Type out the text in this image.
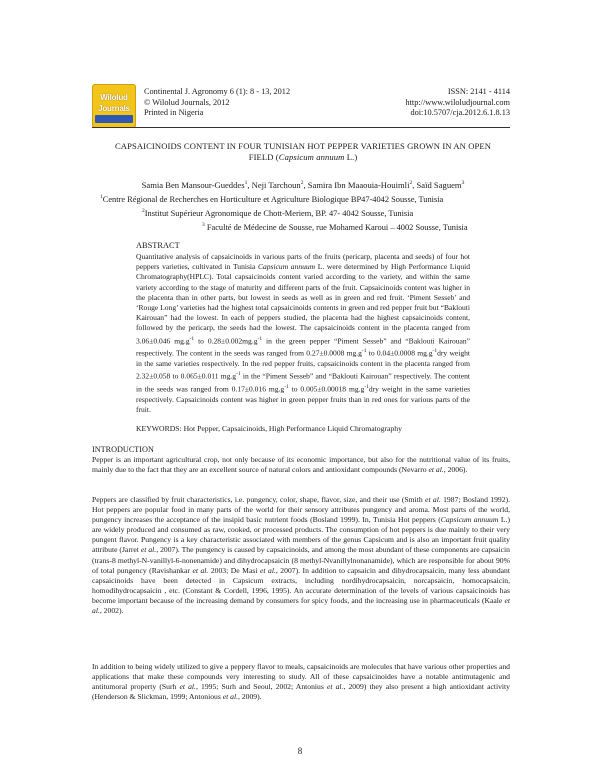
Wilolud
Journals
Continental J. Agronomy 6 (1): 8 - 13, 2012
© Wilolud Journals, 2012
Printed in Nigeria
ISSN: 2141 - 4114
http://www.wiloludjournal.com
doi:10.5707/cja.2012.6.1.8.13
CAPSAICINOIDS CONTENT IN FOUR TUNISIAN HOT PEPPER VARIETIES GROWN IN AN OPEN
FIELD (Capsicum annuum L.)
Samia Ben Mansour-Gueddes$^1$, Neji Tarchoun$^2$, Samira Ibn Maaouia-Houimli$^2$, Saïd Saguem$^3$
$^1$Centre Régional de Recherches en Horticulture et Agriculture Biologique BP47-4042 Sousse, Tunisia
$^2$Institut Supérieur Agronomique de Chott-Meriem, BP. 47- 4042 Sousse, Tunisia
$^3$ Faculté de Médecine de Sousse, rue Mohamed Karoui – 4002 Sousse, Tunisia
ABSTRACT
Quantitative analysis of capsaicinoids in various parts of the fruits (pericarp, placenta and seeds) of four hot peppers varieties, cultivated in Tunisia Capsicum annuum L. were determined by High Performance Liquid Chromatography(HPLC). Total capsaicinoids content varied according to the variety, and within the same variety according to the stage of maturity and different parts of the fruit. Capsaicinoids content was higher in the placenta than in other parts, but lowest in seeds as well as in green and red fruit. ‘Piment Sesseb’ and ‘Rouge Long’ varieties had the highest total capsaicinoids contents in green and red pepper fruit but “Baklouti Kairouan” had the lowest. In each of peppers studied, the placenta had the highest capsaicinoids content, followed by the pericarp, the seeds had the lowest. The capsaicinoids content in the placenta ranged from 3.06±0.046 $mg.g^{-1}$ to $0.28\pm 0.002mg.g^{-1}$ in the green pepper “Piment Sesseb” and “Baklouti Kairouan” respectively. The content in the seeds was ranged from 0.27±0.0008 $mg.g^{-1}$ to 0.04±0.0008 $mg.g^{-1}dry$ weight in the same varieties respectively. In the red pepper fruits, capsaicinoids content in the placenta ranged from 2.32±0.058 to 0.065±0.011 $mg.g^{-1}$ in the “Piment Sesseb” and “Baklouti Kairouan” respectively. The content in the seeds was ranged from 0.17±0.016 $mg.g^{-1}$ to 0.005±0.00018 $mg.g^{-1}dry$ weight in the same varieties respectively. Capsaicinoids content was higher in green pepper fruits than in red ones for various parts of the fruit.
KEYWORDS: Hot Pepper, Capsaicinoids, High Performance Liquid Chromatography
INTRODUCTION
Pepper is an important agricultural crop, not only because of its economic importance, but also for the nutritional value of its fruits, mainly due to the fact that they are an excellent source of natural colors and antioxidant compounds (Nevarro et al., 2006).
Peppers are classified by fruit characteristics, i.e. pungency, color, shape, flavor, size, and their use (Smith et al. 1987; Bosland 1992). Hot peppers are popular food in many parts of the world for their sensory attributes pungency and aroma. Most parts of the world, pungency increases the acceptance of the insipid basic nutrient foods (Bosland 1999). In, Tunisia Hot peppers (Capsicum annuum L.) are widely produced and consumed as raw, cooked, or processed products. The consumption of hot peppers is due mainly to their very pungent flavor. Pungency is a key characteristic associated with members of the genus Capsicum and is also an important fruit quality attribute (Jarret et al., 2007). The pungency is caused by capsaicinoids, and among the most abundant of these components are capsaicin (trans-8 methyl-N-vanillyl-6-nonenamide) and dihydrocapsaicin (8 methyl-Nvanillylnonanamide), which are responsible for about 90% of total pungency (Ravishankar et al. 2003; De Masi et al., 2007). In addition to capsaicin and dihydrocapsaicin, many less abundant capsaicinoids have been detected in Capsicum extracts, including nordihydrocapsaicin, norcapsaicin, homocapsaicin, homodihydrocapsaicin , etc. (Constant & Cordell, 1996, 1995). An accurate determination of the levels of various capsaicinoids has become important because of the increasing demand by consumers for spicy foods, and the increasing use in pharmaceuticals (Kaale et al., 2002).
In addition to being widely utilized to give a peppery flavor to meals, capsaicinoids are molecules that have various other properties and applications that make these compounds very interesting to study. All of these capsaicinoides have a notable antimutagenic and antitumoral property (Surh et al., 1995; Surh and Seoul, 2002; Antonius et al., 2009) they also present a high antioxidant activity (Henderson & Slickman, 1999; Antonious et al., 2009).
8
